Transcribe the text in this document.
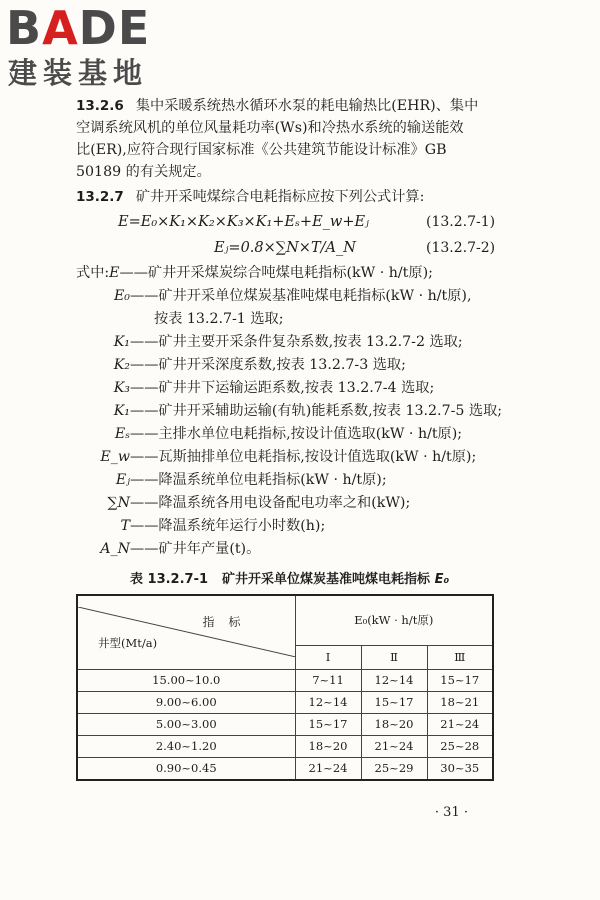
BADE
建装基地
13.2.6 集中采暖系统热水循环水泵的耗电输热比(EHR)、集中
空调系统风机的单位风量耗功率(Ws)和冷热水系统的输送能效
比(ER),应符合现行国家标准《公共建筑节能设计标准》GB
50189 的有关规定。
13.2.7 矿井开采吨煤综合电耗指标应按下列公式计算:
E=E₀×K₁×K₂×K₃×K₁+Eₛ+E_w+Eⱼ	(13.2.7-1)
Eⱼ=0.8×∑N×T/A_N	(13.2.7-2)
式中:E——矿井开采煤炭综合吨煤电耗指标(kW · h/t原);
E₀——矿井开采单位煤炭基准吨煤电耗指标(kW · h/t原),
按表 13.2.7-1 选取;
K₁——矿井主要开采条件复杂系数,按表 13.2.7-2 选取;
K₂——矿井开采深度系数,按表 13.2.7-3 选取;
K₃——矿井井下运输运距系数,按表 13.2.7-4 选取;
K₁——矿井开采辅助运输(有轨)能耗系数,按表 13.2.7-5 选取;
Eₛ——主排水单位电耗指标,按设计值选取(kW · h/t原);
E_w——瓦斯抽排单位电耗指标,按设计值选取(kW · h/t原);
Eⱼ——降温系统单位电耗指标(kW · h/t原);
∑N——降温系统各用电设备配电功率之和(kW);
T——降温系统年运行小时数(h);
A_N——矿井年产量(t)。
表 13.2.7-1 矿井开采单位煤炭基准吨煤电耗指标 E₀
指标
井型(Mt/a)	E₀(kW · h/t原)		
	Ⅰ	Ⅱ	Ⅲ
15.00~10.0	7~11	12~14	15~17
9.00~6.00	12~14	15~17	18~21
5.00~3.00	15~17	18~20	21~24
2.40~1.20	18~20	21~24	25~28
0.90~0.45	21~24	25~29	30~35
· 31 ·
